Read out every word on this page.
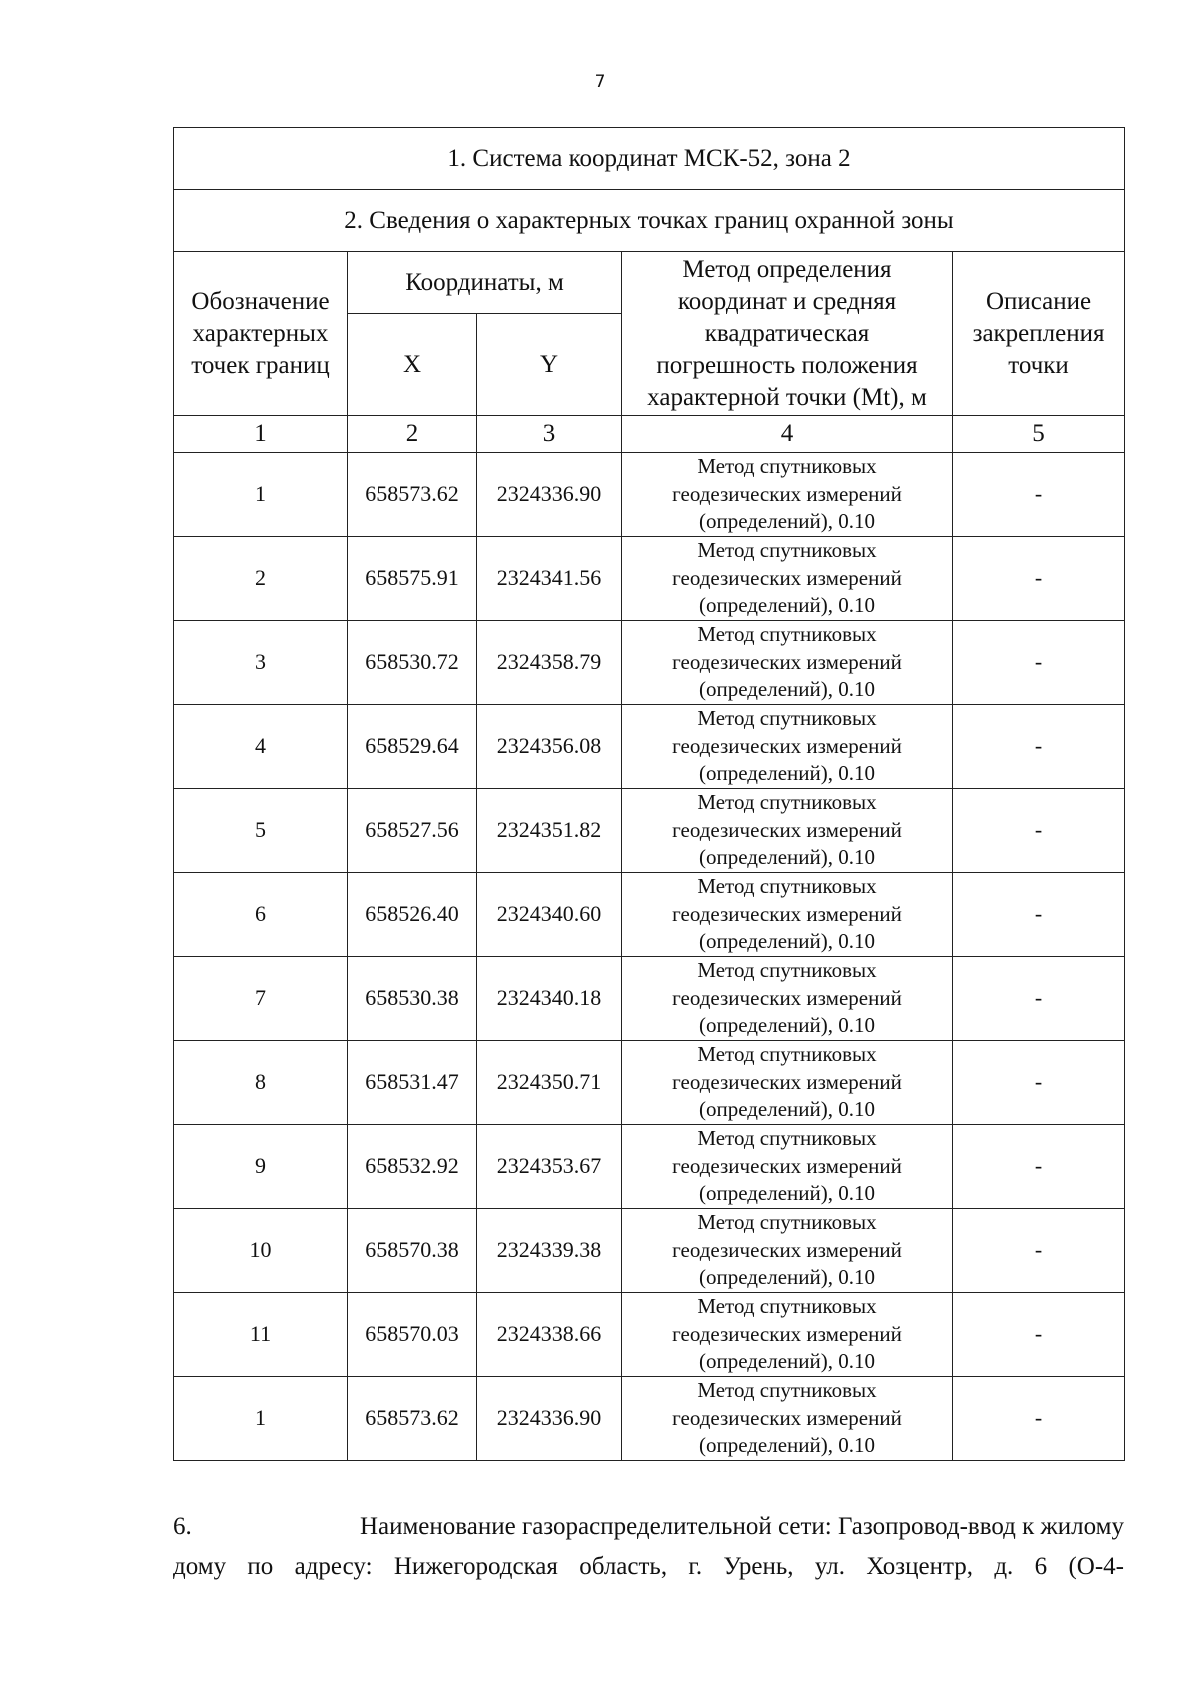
7
1. Система координат МСК-52, зона 2				
2. Сведения о характерных точках границ охранной зоны				
Обозначение
характерных
точек границ	Координаты, м		Метод определения
координат и средняя
квадратическая
погрешность положения
характерной точки (Mt), м	Описание
закрепления
точки
	X	Y		
1	2	3	4	5
1	658573.62	2324336.90	Метод спутниковых
геодезических измерений
(определений), 0.10	-
2	658575.91	2324341.56	Метод спутниковых
геодезических измерений
(определений), 0.10	-
3	658530.72	2324358.79	Метод спутниковых
геодезических измерений
(определений), 0.10	-
4	658529.64	2324356.08	Метод спутниковых
геодезических измерений
(определений), 0.10	-
5	658527.56	2324351.82	Метод спутниковых
геодезических измерений
(определений), 0.10	-
6	658526.40	2324340.60	Метод спутниковых
геодезических измерений
(определений), 0.10	-
7	658530.38	2324340.18	Метод спутниковых
геодезических измерений
(определений), 0.10	-
8	658531.47	2324350.71	Метод спутниковых
геодезических измерений
(определений), 0.10	-
9	658532.92	2324353.67	Метод спутниковых
геодезических измерений
(определений), 0.10	-
10	658570.38	2324339.38	Метод спутниковых
геодезических измерений
(определений), 0.10	-
11	658570.03	2324338.66	Метод спутниковых
геодезических измерений
(определений), 0.10	-
1	658573.62	2324336.90	Метод спутниковых
геодезических измерений
(определений), 0.10	-
6.	Наименование газораспределительной сети: Газопровод-ввод к жилому
дому по адресу: Нижегородская область, г. Урень, ул. Хозцентр, д. 6 (О-4-
